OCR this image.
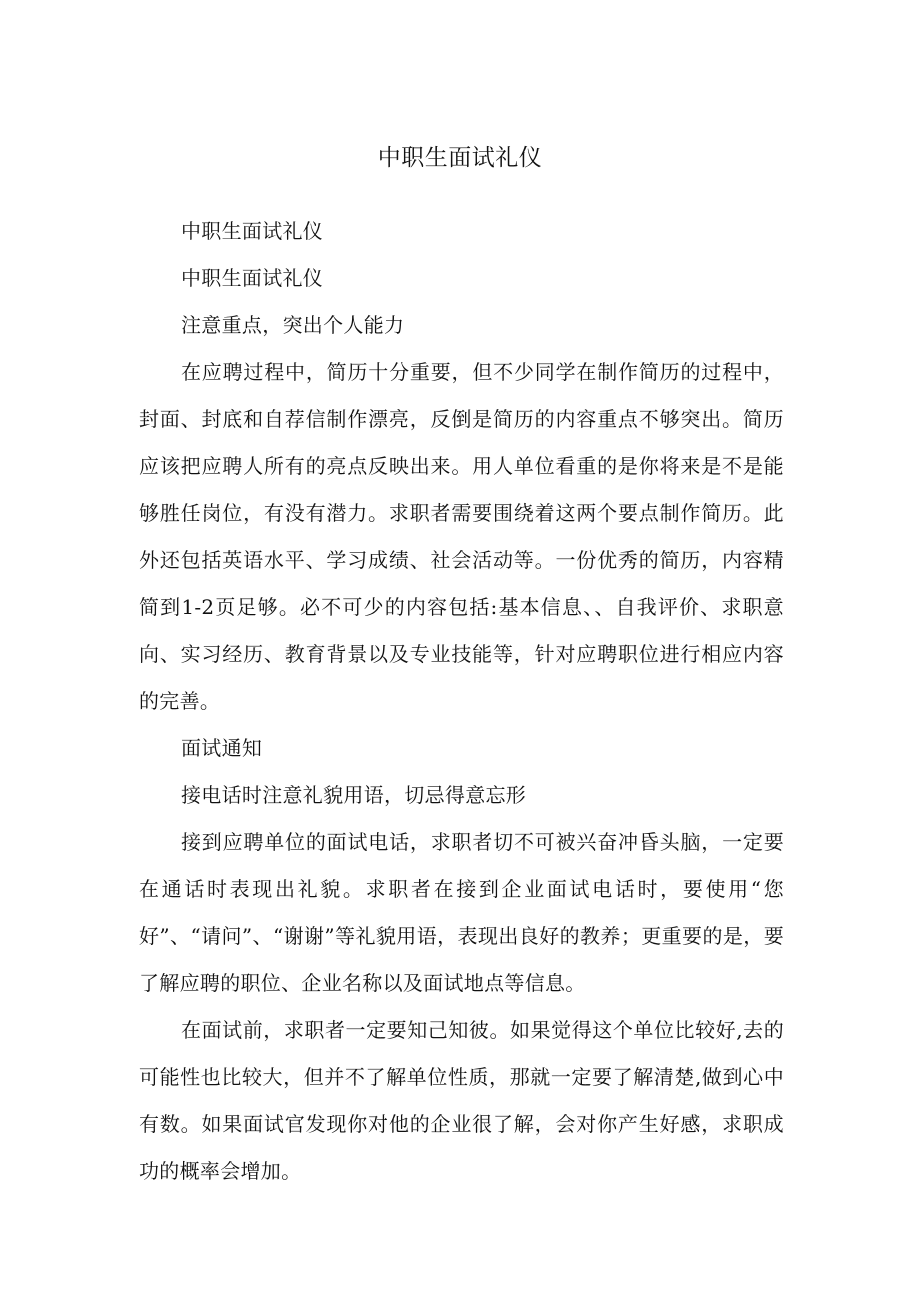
中职生面试礼仪

中职生面试礼仪

中职生面试礼仪

注意重点，突出个人能力

在应聘过程中，简历十分重要，但不少同学在制作简历的过程中，封面、封底和自荐信制作漂亮，反倒是简历的内容重点不够突出。简历应该把应聘人所有的亮点反映出来。用人单位看重的是你将来是不是能够胜任岗位，有没有潜力。求职者需要围绕着这两个要点制作简历。此外还包括英语水平、学习成绩、社会活动等。一份优秀的简历，内容精简到1-2页足够。必不可少的内容包括:基本信息、、自我评价、求职意向、实习经历、教育背景以及专业技能等，针对应聘职位进行相应内容的完善。

面试通知

接电话时注意礼貌用语，切忌得意忘形

接到应聘单位的面试电话，求职者切不可被兴奋冲昏头脑，一定要在通话时表现出礼貌。求职者在接到企业面试电话时，要使用“您好”、“请问”、“谢谢”等礼貌用语，表现出良好的教养；更重要的是，要了解应聘的职位、企业名称以及面试地点等信息。

在面试前，求职者一定要知己知彼。如果觉得这个单位比较好,去的可能性也比较大，但并不了解单位性质，那就一定要了解清楚,做到心中有数。如果面试官发现你对他的企业很了解，会对你产生好感，求职成功的概率会增加。
